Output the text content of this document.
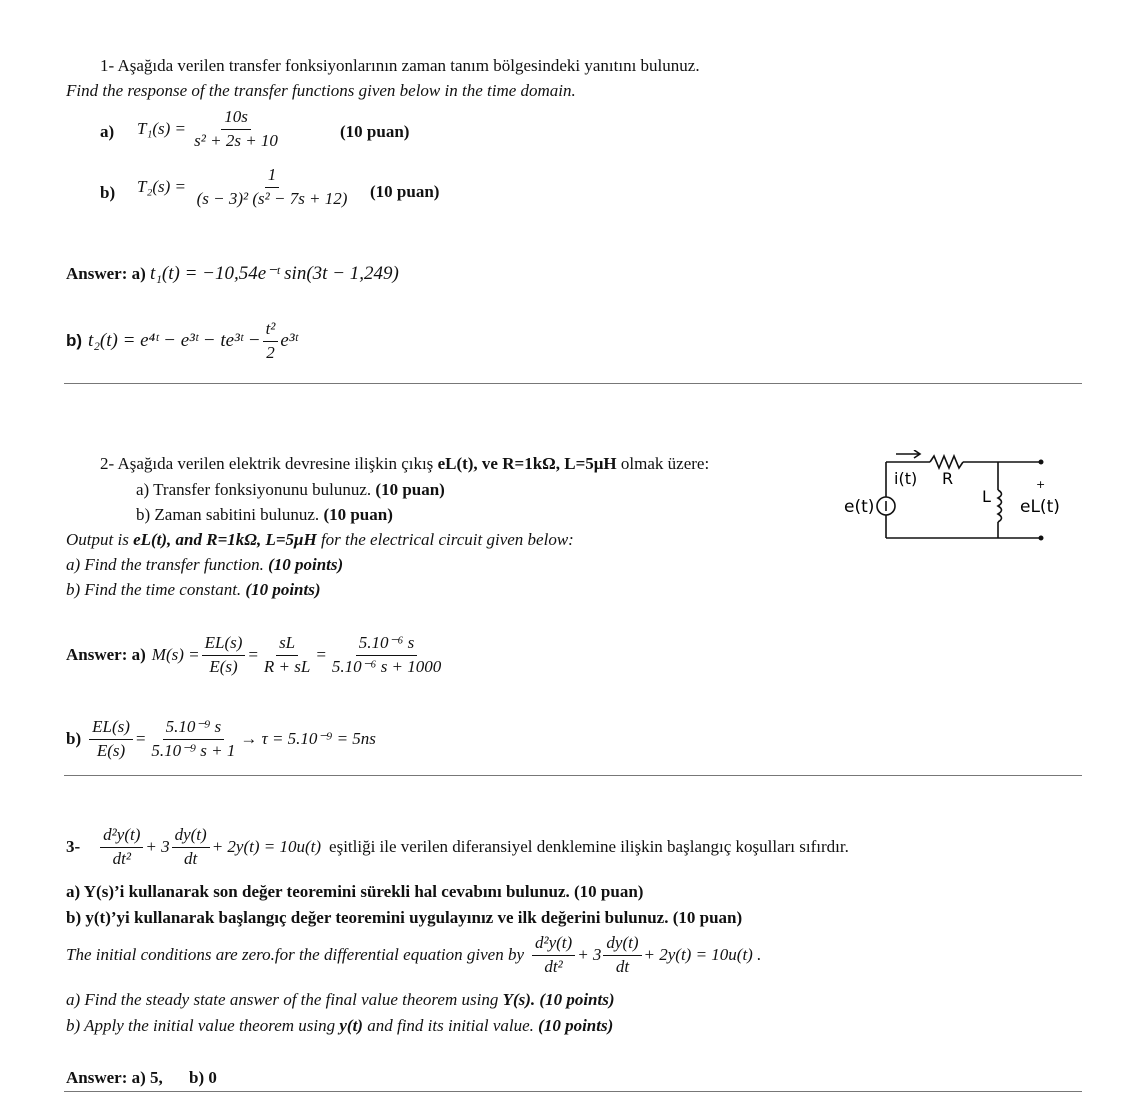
1- Aşağıda verilen transfer fonksiyonlarının zaman tanım bölgesindeki yanıtını bulunuz.
Find the response of the transfer functions given below in the time domain.
a) $T_1(s) = \frac{10s}{\text{s² + 2s + 10}}$	(10 puan)
b) $T_2(s) = \frac{1}{\text{(s − 3)² (s² − 7s + 12)}} (10$ puan)
Answer: a) t₁(t) = −10,54e⁻ᵗ sin(3t − 1,249)
b) t₂(t) = e⁴ᵗ − e³ᵗ − te³ᵗ − $\frac{\text{t²}}{2}$ e³ᵗ
2- Aşağıda verilen elektrik devresine ilişkin çıkış eL(t), ve R=1kΩ, L=5μH olmak üzere:
a) Transfer fonksiyonunu bulunuz. (10 puan)
b) Zaman sabitini bulunuz. (10 puan)
Output is eL(t), and R=1kΩ, L=5μH for the electrical circuit given below:
a) Find the transfer function. (10 points)
b) Find the time constant. (10 points)
e(t)
i(t) R
L
+
eL(t)
Answer: a) $M(s) = \frac{EL(s)}{E(s)} = \frac{sL}{R + sL} = \frac{\text{5.10⁻⁶ s}}{\text{5.10⁻⁶ s + 1000}}$
$b) \frac{EL(s)}{E(s)} = \frac{\text{5.10⁻⁹ s}}{\text{5.10⁻⁹ s + 1}} \to \tau = 5.10^{-9} = 5ns$
$3- \frac{\text{d²y(t)}}{\text{dt²}} + 3 \frac{dy(t)}{dt} + 2y(t) = 10u(t)$ eşitliği ile verilen diferansiyel denklemine ilişkin başlangıç koşulları sıfırdır.
a) Y(s)’i kullanarak son değer teoremini sürekli hal cevabını bulunuz. (10 puan)
b) y(t)’yi kullanarak başlangıç değer teoremini uygulayınız ve ilk değerini bulunuz. (10 puan)
The initial conditions are zero.for the differential equation given by $\frac{\text{d²y(t)}}{\text{dt²}} + 3 \frac{dy(t)}{dt} + 2y(t) = 10u(t)$ .
a) Find the steady state answer of the final value theorem using Y(s). (10 points)
b) Apply the initial value theorem using y(t) and find its initial value. (10 points)
Answer: a) 5, b) 0
